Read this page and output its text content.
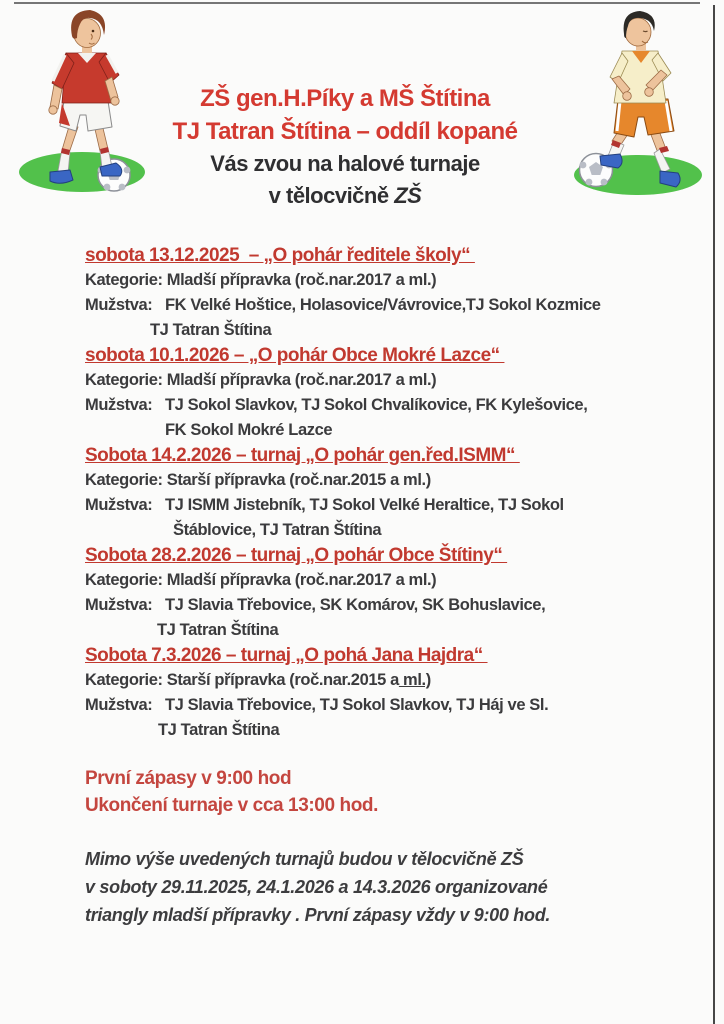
ZŠ gen.H.Píky a MŠ Štítina
TJ Tatran Štítina – oddíl kopané
Vás zvou na halové turnaje
v tělocvičně ZŠ
sobota 13.12.2025  – „O pohár ředitele školy“
Kategorie: Mladší přípravka (roč.nar.2017 a ml.)
Mužstva:   FK Velké Hoštice, Holasovice/Vávrovice,TJ Sokol Kozmice
TJ Tatran Štítina
sobota 10.1.2026 – „O pohár Obce Mokré Lazce“
Kategorie: Mladší přípravka (roč.nar.2017 a ml.)
Mužstva:   TJ Sokol Slavkov, TJ Sokol Chvalíkovice, FK Kylešovice,
FK Sokol Mokré Lazce
Sobota 14.2.2026 – turnaj „O pohár gen.řed.ISMM“
Kategorie: Starší přípravka (roč.nar.2015 a ml.)
Mužstva:   TJ ISMM Jistebník, TJ Sokol Velké Heraltice, TJ Sokol
Štáblovice, TJ Tatran Štítina
Sobota 28.2.2026 – turnaj „O pohár Obce Štítiny“
Kategorie: Mladší přípravka (roč.nar.2017 a ml.)
Mužstva:   TJ Slavia Třebovice, SK Komárov, SK Bohuslavice,
TJ Tatran Štítina
Sobota 7.3.2026 – turnaj „O pohá Jana Hajdra“
Kategorie: Starší přípravka (roč.nar.2015 a ml.)
Mužstva:   TJ Slavia Třebovice, TJ Sokol Slavkov, TJ Háj ve Sl.
TJ Tatran Štítina
První zápasy v 9:00 hod
Ukončení turnaje v cca 13:00 hod.
Mimo výše uvedených turnajů budou v tělocvičně ZŠ
v soboty 29.11.2025, 24.1.2026 a 14.3.2026 organizované
triangly mladší přípravky . První zápasy vždy v 9:00 hod.
